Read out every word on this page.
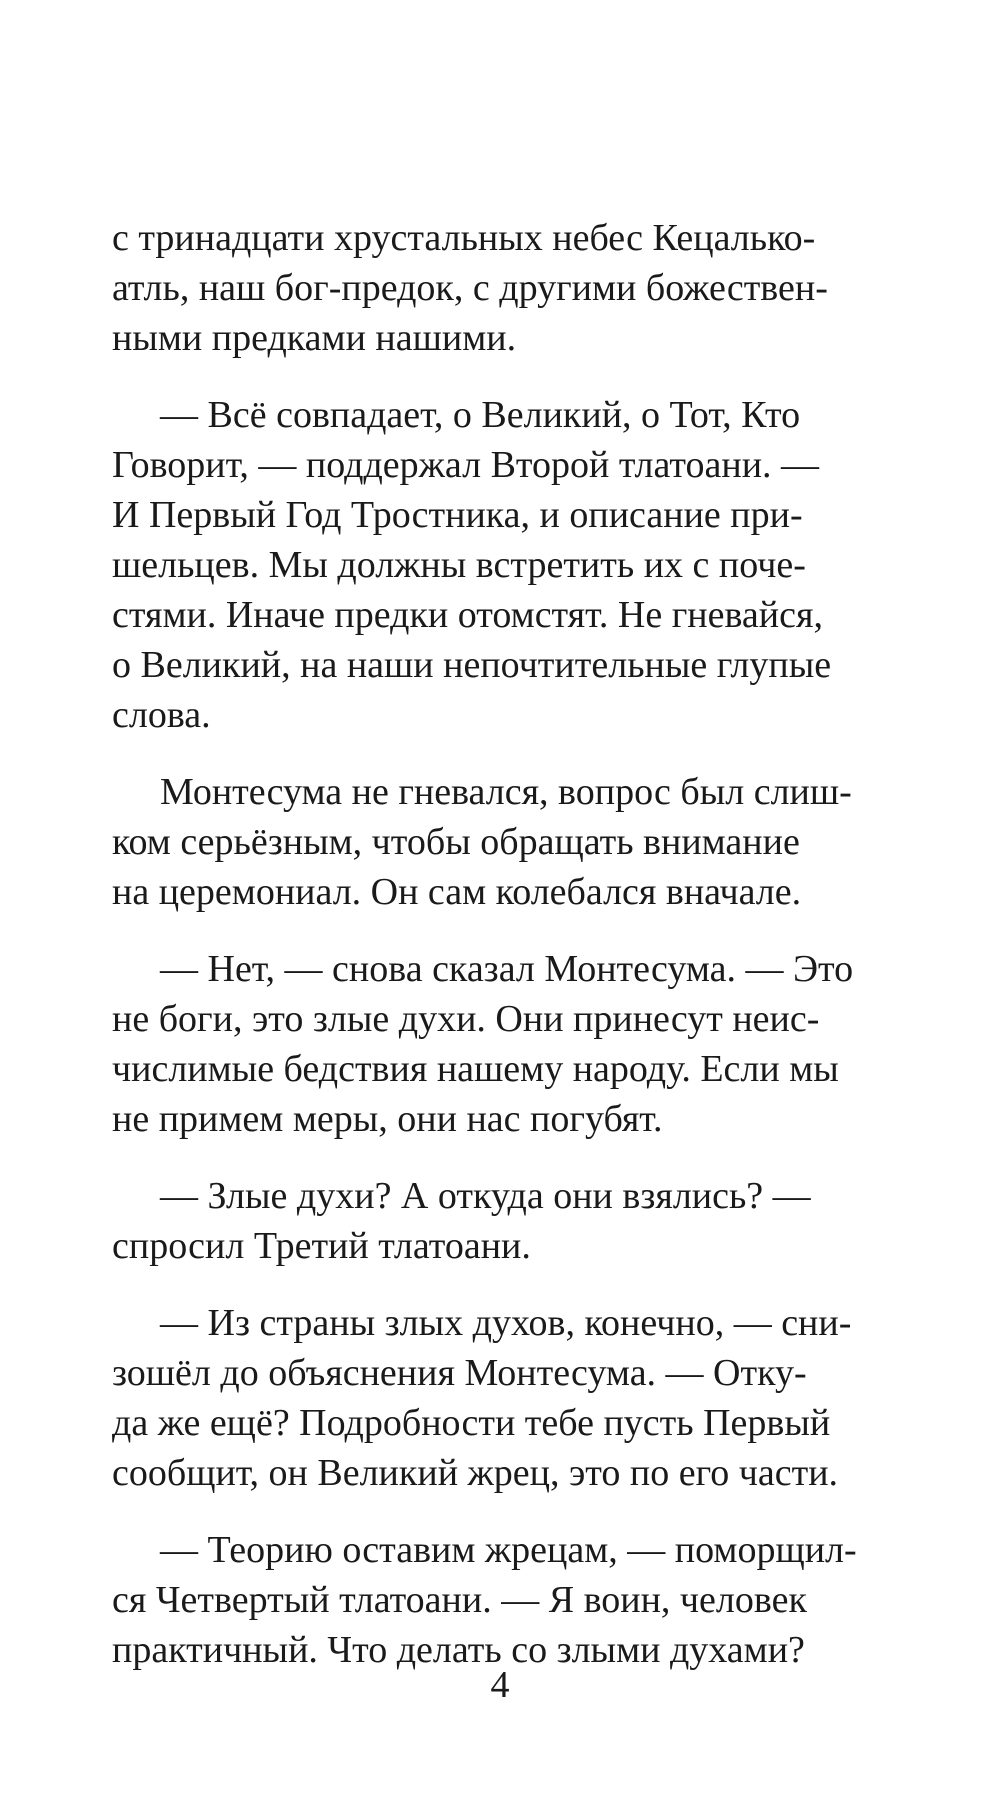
с тринадцати хрустальных небес Кецалько-
атль, наш бог-предок, с другими божествен-
ными предками нашими.

— Всё совпадает, о Великий, о Тот, Кто
Говорит, — поддержал Второй тлатоани. —
И Первый Год Тростника, и описание при-
шельцев. Мы должны встретить их с поче-
стями. Иначе предки отомстят. Не гневайся,
о Великий, на наши непочтительные глупые
слова.

Монтесума не гневался, вопрос был слиш-
ком серьёзным, чтобы обращать внимание
на церемониал. Он сам колебался вначале.

— Нет, — снова сказал Монтесума. — Это
не боги, это злые духи. Они принесут неис-
числимые бедствия нашему народу. Если мы
не примем меры, они нас погубят.

— Злые духи? А откуда они взялись? —
спросил Третий тлатоани.

— Из страны злых духов, конечно, — сни-
зошёл до объяснения Монтесума. — Отку-
да же ещё? Подробности тебе пусть Первый
сообщит, он Великий жрец, это по его части.

— Теорию оставим жрецам, — поморщил-
ся Четвертый тлатоани. — Я воин, человек
практичный. Что делать со злыми духами?

4
